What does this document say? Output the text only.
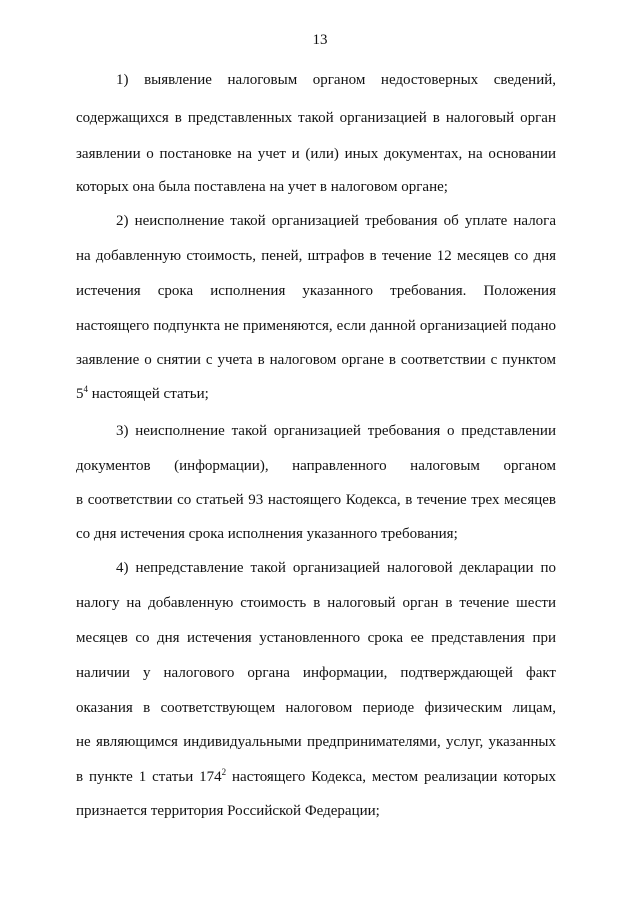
13
1) выявление налоговым органом недостоверных сведений,
содержащихся в представленных такой организацией в налоговый орган
заявлении о постановке на учет и (или) иных документах, на основании
которых она была поставлена на учет в налоговом органе;
2) неисполнение такой организацией требования об уплате налога
на добавленную стоимость, пеней, штрафов в течение 12 месяцев со дня
истечения срока исполнения указанного требования. Положения
настоящего подпункта не применяются, если данной организацией подано
заявление о снятии с учета в налоговом органе в соответствии с пунктом
$5^4$ настоящей статьи;
3) неисполнение такой организацией требования о представлении
документов (информации), направленного налоговым органом
в соответствии со статьей 93 настоящего Кодекса, в течение трех месяцев
со дня истечения срока исполнения указанного требования;
4) непредставление такой организацией налоговой декларации по
налогу на добавленную стоимость в налоговый орган в течение шести
месяцев со дня истечения установленного срока ее представления при
наличии у налогового органа информации, подтверждающей факт
оказания в соответствующем налоговом периоде физическим лицам,
не являющимся индивидуальными предпринимателями, услуг, указанных
в пункте 1 статьи $174^2$ настоящего Кодекса, местом реализации которых
признается территория Российской Федерации;
